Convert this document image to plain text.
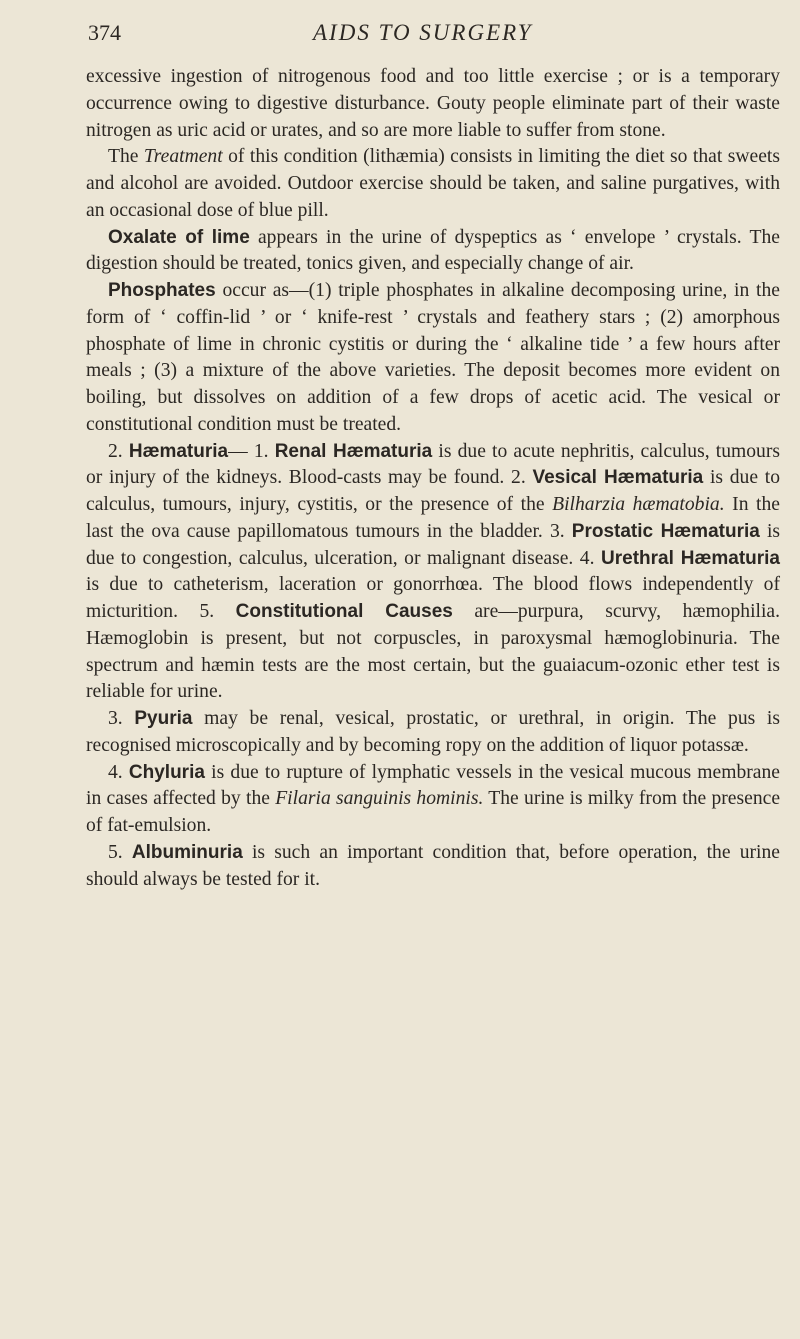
374	AIDS TO SURGERY

excessive ingestion of nitrogenous food and too little exercise ; or is a temporary occurrence owing to digestive disturbance. Gouty people eliminate part of their waste nitrogen as uric acid or urates, and so are more liable to suffer from stone.

The Treatment of this condition (lithæmia) consists in limiting the diet so that sweets and alcohol are avoided. Outdoor exercise should be taken, and saline purgatives, with an occasional dose of blue pill.

Oxalate of lime appears in the urine of dyspeptics as ‘ envelope ’ crystals. The digestion should be treated, tonics given, and especially change of air.

Phosphates occur as—(1) triple phosphates in alkaline decomposing urine, in the form of ‘ coffin-lid ’ or ‘ knife-rest ’ crystals and feathery stars ; (2) amorphous phosphate of lime in chronic cystitis or during the ‘ alkaline tide ’ a few hours after meals ; (3) a mixture of the above varieties. The deposit becomes more evident on boiling, but dissolves on addition of a few drops of acetic acid. The vesical or constitutional condition must be treated.

2. Hæmaturia— 1. Renal Hæmaturia is due to acute nephritis, calculus, tumours or injury of the kidneys. Blood-casts may be found. 2. Vesical Hæmaturia is due to calculus, tumours, injury, cystitis, or the presence of the Bilharzia hæmatobia. In the last the ova cause papillomatous tumours in the bladder. 3. Prostatic Hæmaturia is due to congestion, calculus, ulceration, or malignant disease. 4. Urethral Hæmaturia is due to catheterism, laceration or gonorrhœa. The blood flows independently of micturition. 5. Constitutional Causes are—purpura, scurvy, hæmophilia. Hæmoglobin is present, but not corpuscles, in paroxysmal hæmoglobinuria. The spectrum and hæmin tests are the most certain, but the guaiacum-ozonic ether test is reliable for urine.

3. Pyuria may be renal, vesical, prostatic, or urethral, in origin. The pus is recognised microscopically and by becoming ropy on the addition of liquor potassæ.

4. Chyluria is due to rupture of lymphatic vessels in the vesical mucous membrane in cases affected by the Filaria sanguinis hominis. The urine is milky from the presence of fat-emulsion.

5. Albuminuria is such an important condition that, before operation, the urine should always be tested for it.
